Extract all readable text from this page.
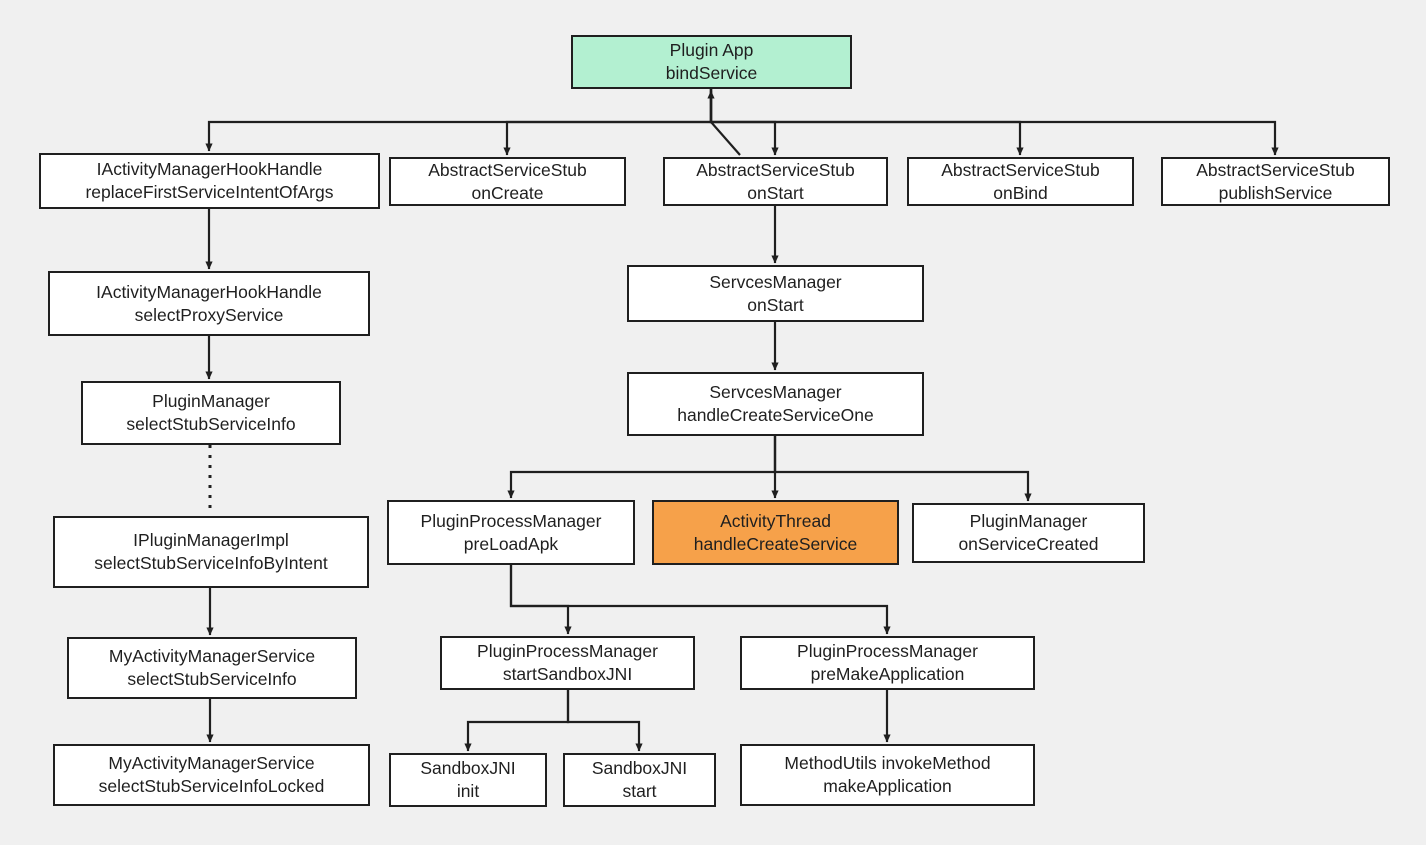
Plugin App
bindService
IActivityManagerHookHandle
replaceFirstServiceIntentOfArgs
AbstractServiceStub
onCreate
AbstractServiceStub
onStart
AbstractServiceStub
onBind
AbstractServiceStub
publishService
IActivityManagerHookHandle
selectProxyService
ServcesManager
onStart
PluginManager
selectStubServiceInfo
ServcesManager
handleCreateServiceOne
IPluginManagerImpl
selectStubServiceInfoByIntent
PluginProcessManager
preLoadApk
ActivityThread
handleCreateService
PluginManager
onServiceCreated
MyActivityManagerService
selectStubServiceInfo
PluginProcessManager
startSandboxJNI
PluginProcessManager
preMakeApplication
MyActivityManagerService
selectStubServiceInfoLocked
SandboxJNI
init
SandboxJNI
start
MethodUtils invokeMethod
makeApplication
